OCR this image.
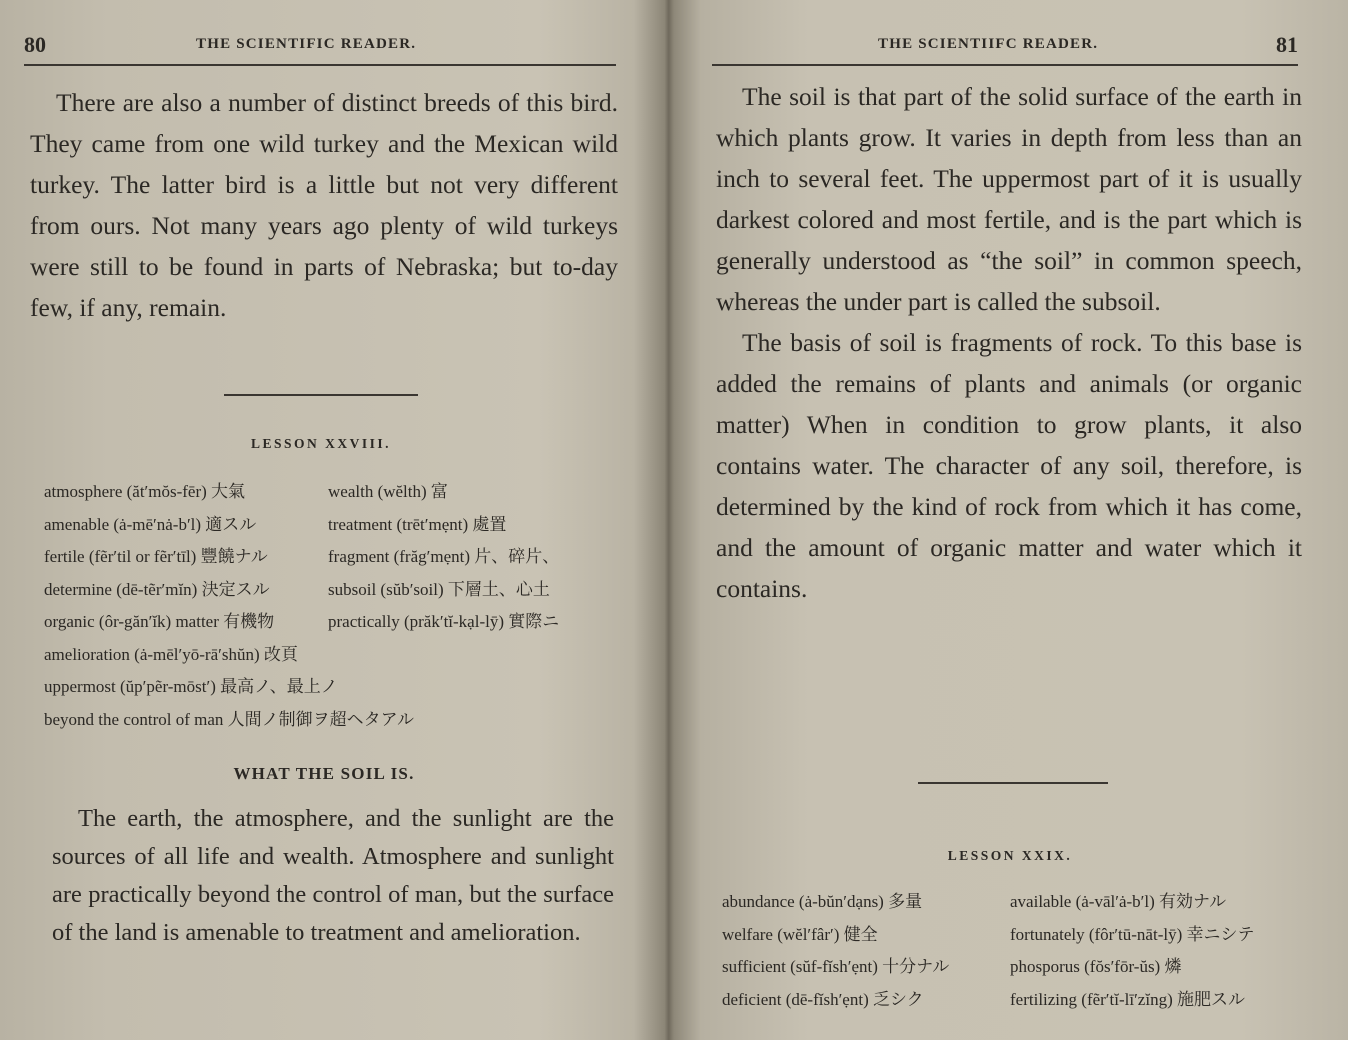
80	THE SCIENTIFIC READER.

There are also a number of distinct breeds of this bird. They came from one wild turkey and the Mexican wild turkey. The latter bird is a little but not very different from ours. Not many years ago plenty of wild turkeys were still to be found in parts of Nebraska; but to-day few, if any, remain.

LESSON XXVIII.
atmosphere (ăt′mŏs-fēr) 大氣
amenable (ȧ-mē′nȧ-b′l) 適スル
fertile (fẽr′til or fẽr′tīl) 豐饒ナル
determine (dē-tẽr′mĭn) 決定スル
organic (ôr-găn′ĭk) matter 有機物
amelioration (ȧ-mēl′yō-rā′shŭn) 改頁
uppermost (ŭp′pẽr-mōst′) 最高ノ、最上ノ
beyond the control of man 人間ノ制御ヲ超ヘタアル
wealth (wĕlth) 富
treatment (trēt′mẹnt) 處置
fragment (frăg′mẹnt) 片、碎片、
subsoil (sŭb′soil) 下層土、心土
practically (prăk′tĭ-kạl-lȳ) 實際ニ
WHAT THE SOIL IS.

The earth, the atmosphere, and the sunlight are the sources of all life and wealth. Atmosphere and sunlight are practically beyond the control of man, but the surface of the land is amenable to treatment and amelioration.

THE SCIENTIIFC READER.	81

The soil is that part of the solid surface of the earth in which plants grow. It varies in depth from less than an inch to several feet. The uppermost part of it is usually darkest colored and most fertile, and is the part which is generally understood as “the soil” in common speech, whereas the under part is called the subsoil.

The basis of soil is fragments of rock. To this base is added the remains of plants and animals (or organic matter) When in condition to grow plants, it also contains water. The character of any soil, therefore, is determined by the kind of rock from which it has come, and the amount of organic matter and water which it contains.

LESSON XXIX.
abundance (ȧ-bŭn′dạns) 多量
welfare (wĕl′fâr′) 健全
sufficient (sŭf-fĭsh′ẹnt) 十分ナル
deficient (dē-fĭsh′ẹnt) 乏シク
available (ȧ-vāl′ȧ-b′l) 有効ナル
fortunately (fôr′tū-nāt-lȳ) 幸ニシテ
phosporus (fŏs′fōr-ŭs) 燐
fertilizing (fẽr′tĭ-lī′zĭng) 施肥スル
